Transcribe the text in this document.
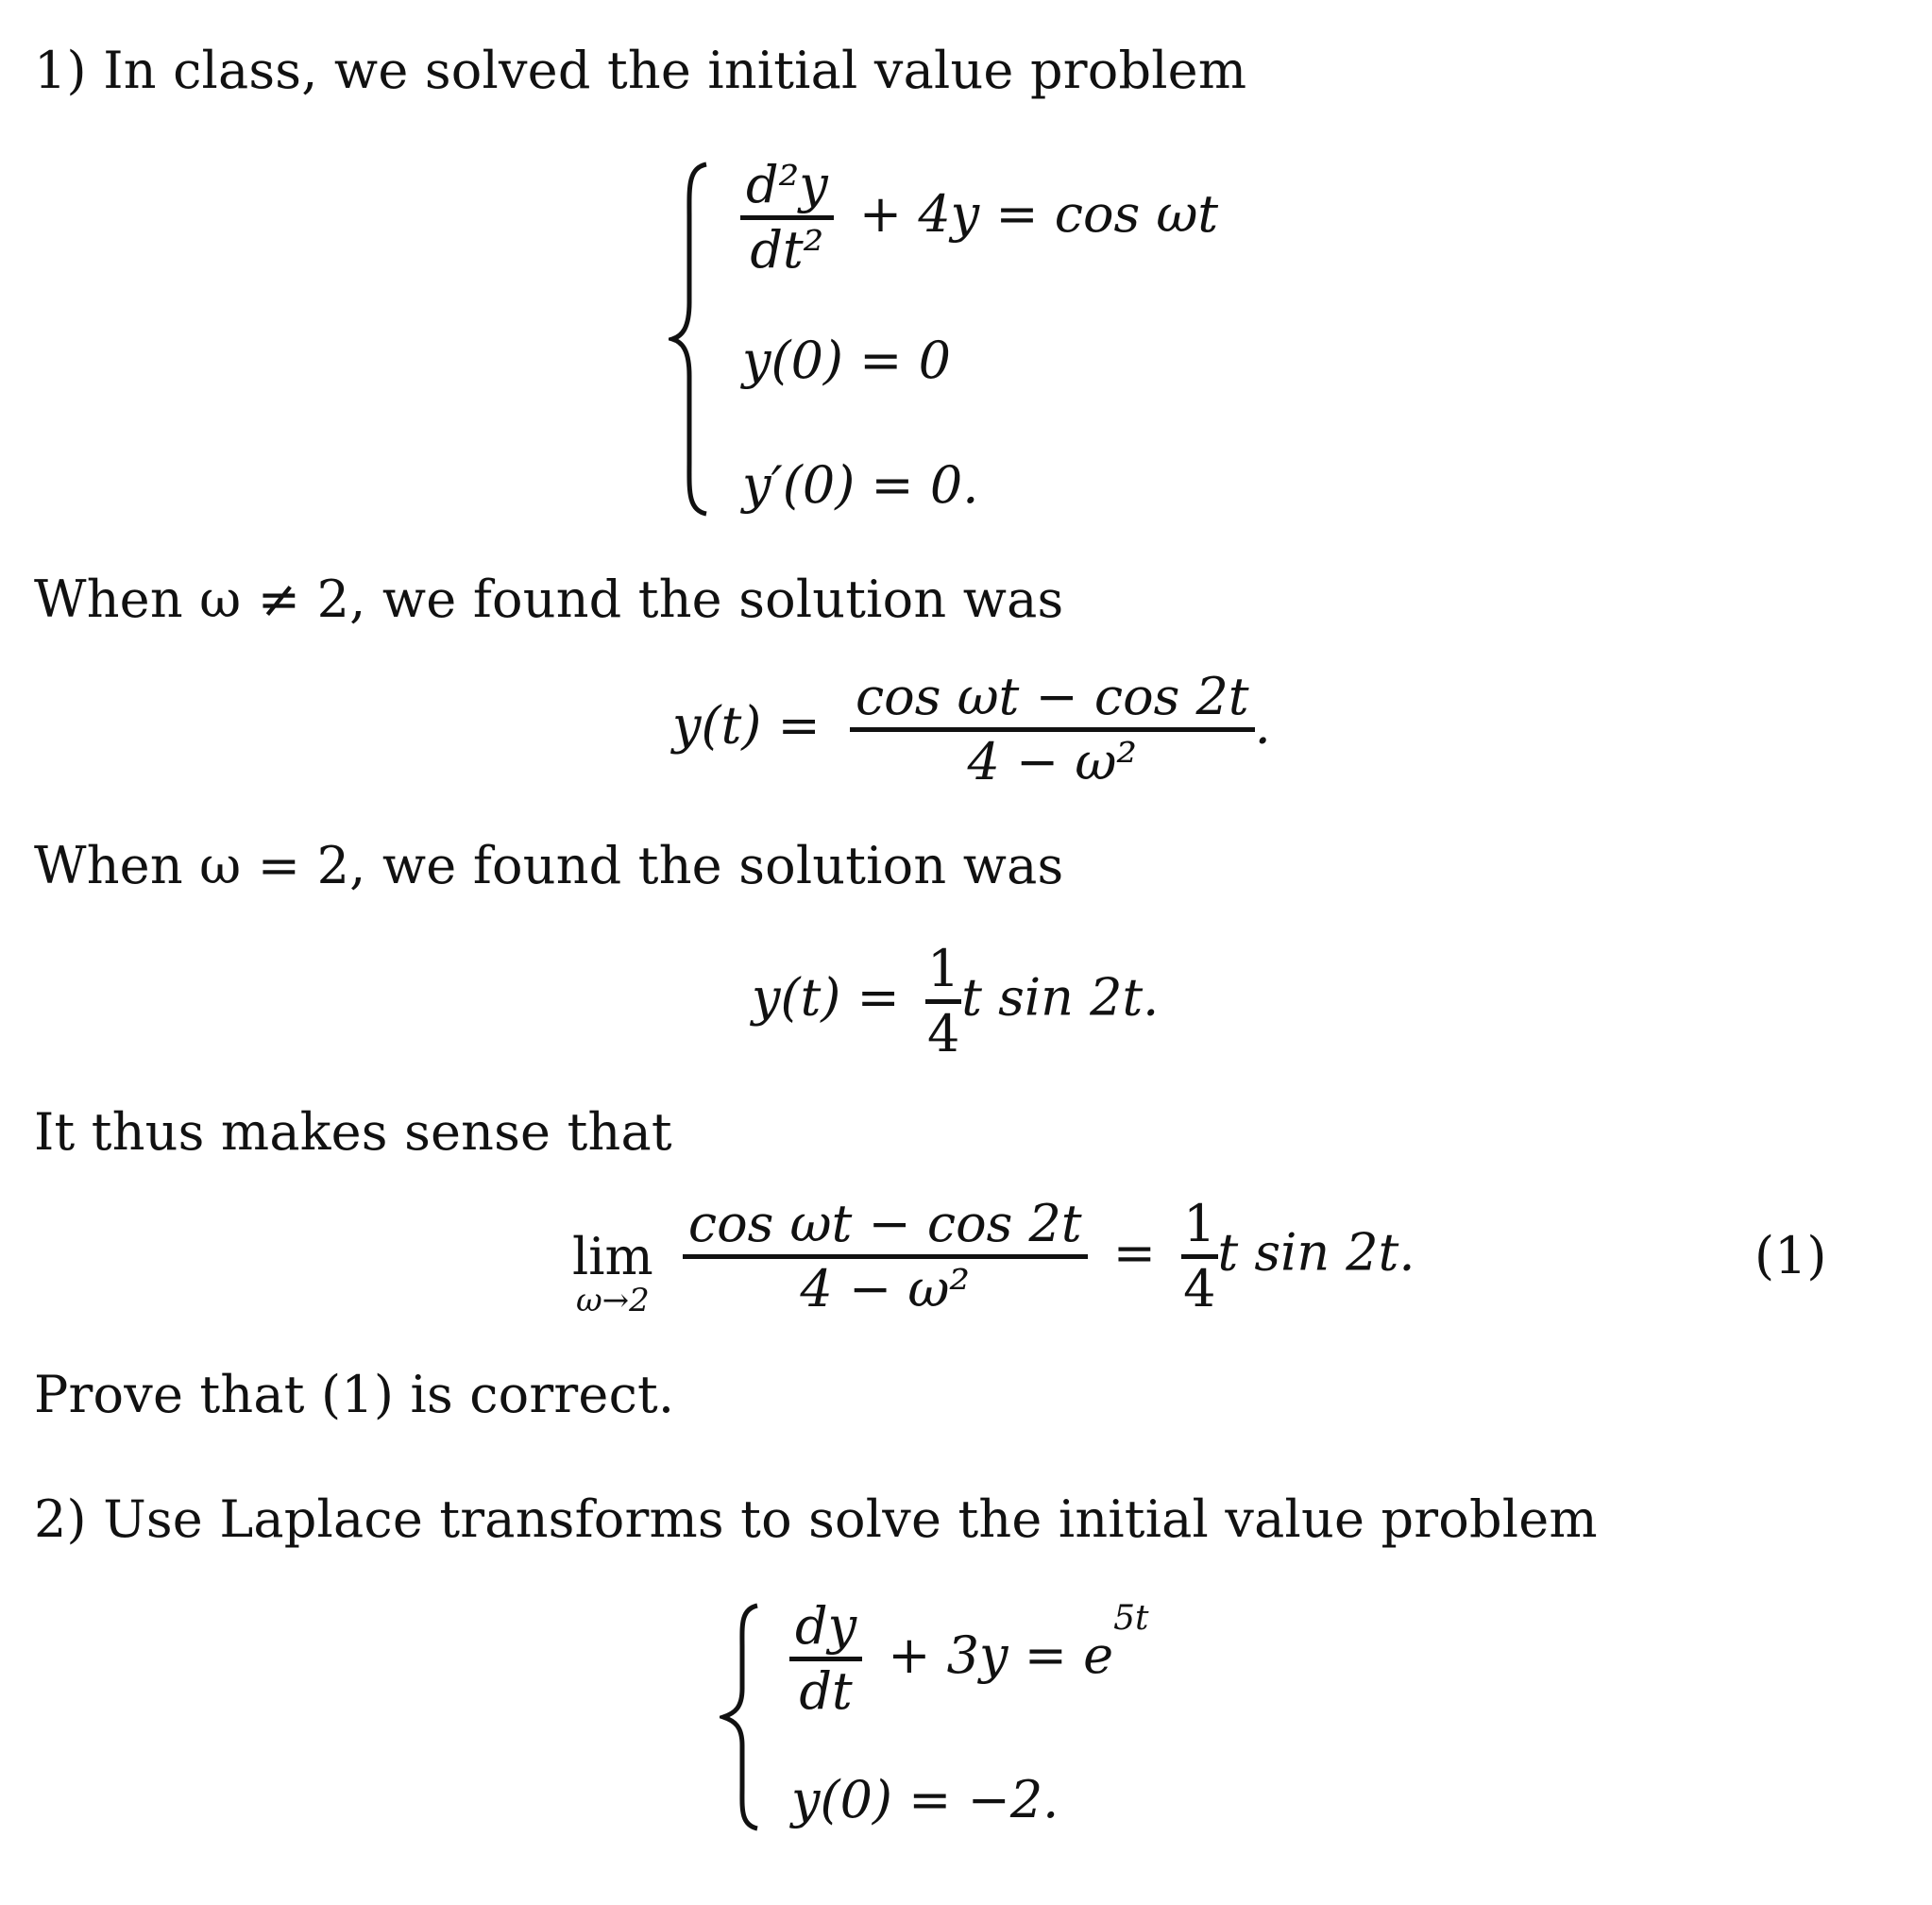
1) In class, we solved the initial value problem
$\frac{\text{d²y}}{\text{dt²}} + 4y = \cos \omega t$
y(0) = 0
y′(0) = 0.
When ω ≠ 2, we found the solution was
$y(t) = \frac{\text{cos ωt − cos 2t}}{\text{4 − ω²}}$ .
When ω = 2, we found the solution was
$y(t) = \frac{1}{4}$ t sin 2t.
It thus makes sense that
lim
ω→2
$\frac{\text{cos ωt − cos 2t}}{\text{4 − ω²}} = \frac{1}{4}$ t sin 2t.	(1)
Prove that (1) is correct.
2) Use Laplace transforms to solve the initial value problem
$\frac{dy}{dt} + 3y = e^{5t}$
y(0) = −2.
